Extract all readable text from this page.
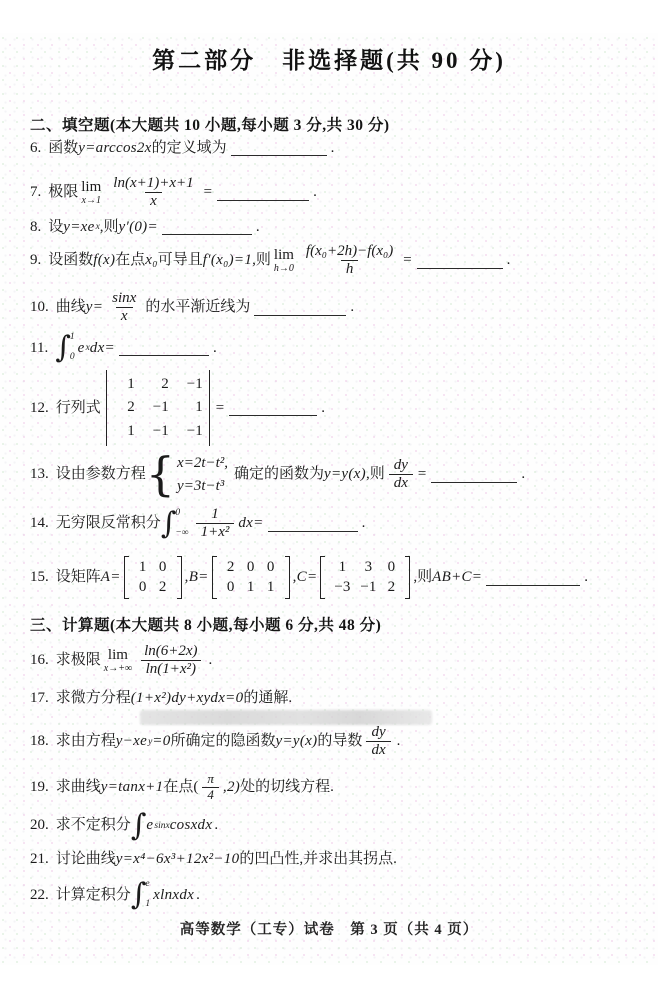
第二部分　非选择题(共 90 分)
二、填空题(本大题共 10 小题,每小题 3 分,共 30 分)
6. 函数 y=arccos2x 的定义域为	.
7. 极限 lim
$x\to 1 \frac{\ln(x+1)+x+1}{x}$ =	.
8. 设 y=xe x ,则 y′(0)=	.
9. 设函数 f(x) 在点 x₀ 可导且 f′(x₀)=1 ,则 lim
$h\to 0 \frac{\text{f(x₀+2h)−f(x₀)}}{h}$ =	.
10. 曲线 $y= \frac{\sin x}{x}$ 的水平渐近线为	.
11. ∫ 1
0
e x dx=	.
12. 行列式
1	2	−1
2	−1	1
1	−1	−1
=	.
13. 设由参数方程 { x=2t−t²,
y=3t−t³
确定的函数为 y=y(x) ,则 $\frac{dy}{dx}$ =	.
14. 无穷限反常积分 ∫ 0
−∞ $\frac{1}{\text{1+x²}} dx=$	.
15. 设矩阵 A=
1 0
0 2
,B=
2 0 0
0 1 1
,C=
1	3	0
−3 −1 2
,则 AB+C=	.
三、计算题(本大题共 8 小题,每小题 6 分,共 48 分)
16. 求极限 lim
$x\to+\infty \frac{\ln(6+2x)}{\text{ln(1+x²)}}$ .
17. 求微方分程 (1+x²)dy+xydx=0 的通解.
18. 求由方程 y−xe y =0 所确定的隐函数 y=y(x) 的导数 $\frac{dy}{dx}$ .
19. 求曲线 y=tanx+1 在点( $\frac{\pi}{4} ,2$) 处的切线方程.
20. 求不定积分 ∫ e sinx cosxdx .
21. 讨论曲线 y=x⁴−6x³+12x²−10 的凹凸性,并求出其拐点.
22. 计算定积分 ∫ e
1
xlnxdx .
高等数学（工专）试卷　第 3 页（共 4 页）
